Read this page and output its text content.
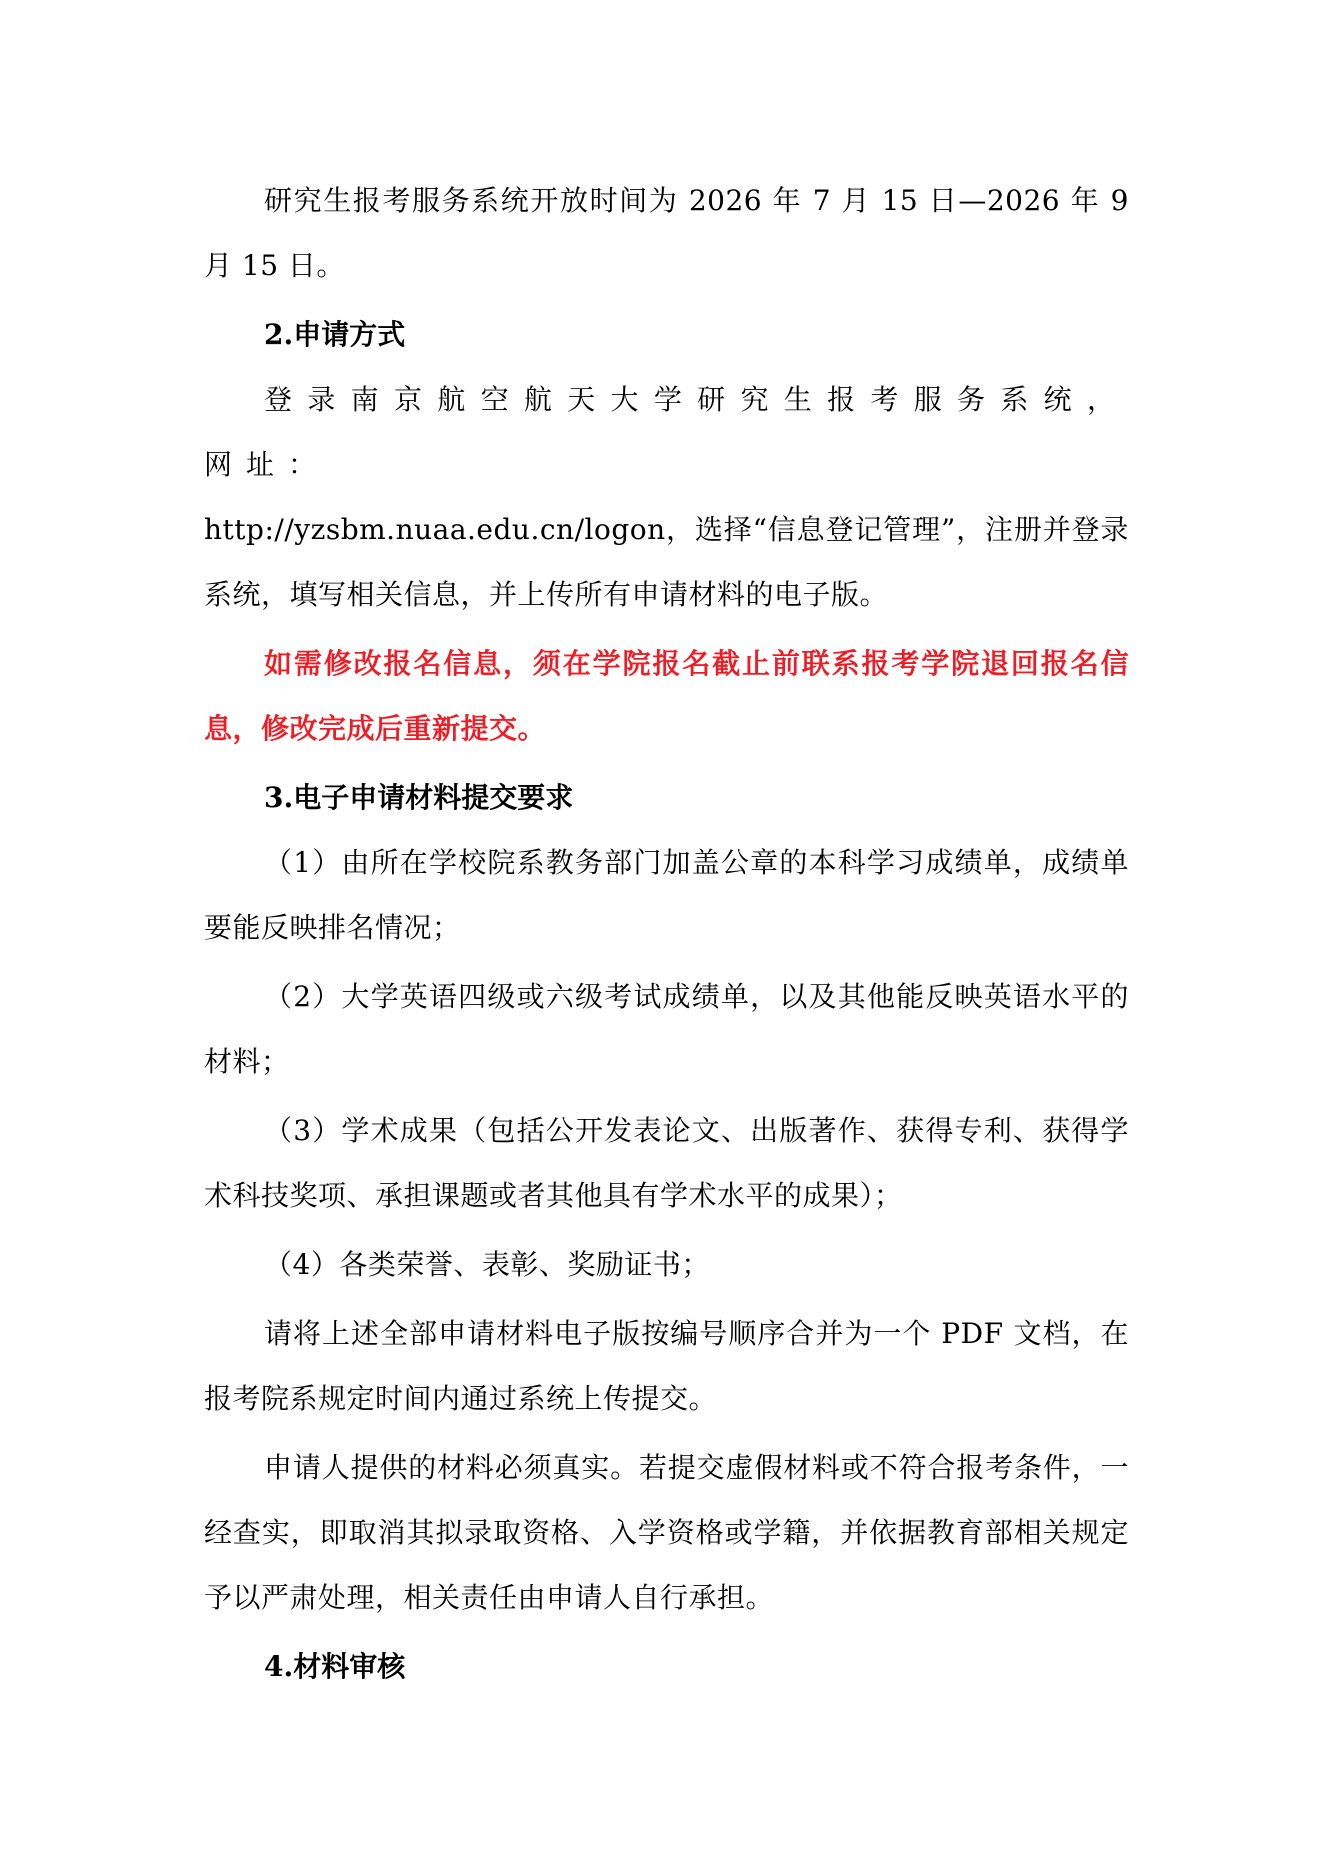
研究生报考服务系统开放时间为 2026 年 7 月 15 日—2026 年 9 月 15 日。

2.申请方式

登录南京航空航天大学研究生报考服务系统，网址：

http://yzsbm.nuaa.edu.cn/logon，选择“信息登记管理”，注册并登录系统，填写相关信息，并上传所有申请材料的电子版。

如需修改报名信息，须在学院报名截止前联系报考学院退回报名信息，修改完成后重新提交。

3.电子申请材料提交要求

（1）由所在学校院系教务部门加盖公章的本科学习成绩单，成绩单要能反映排名情况；

（2）大学英语四级或六级考试成绩单，以及其他能反映英语水平的材料；

（3）学术成果（包括公开发表论文、出版著作、获得专利、获得学术科技奖项、承担课题或者其他具有学术水平的成果）；

（4）各类荣誉、表彰、奖励证书；

请将上述全部申请材料电子版按编号顺序合并为一个 PDF 文档，在报考院系规定时间内通过系统上传提交。

申请人提供的材料必须真实。若提交虚假材料或不符合报考条件，一经查实，即取消其拟录取资格、入学资格或学籍，并依据教育部相关规定予以严肃处理，相关责任由申请人自行承担。

4.材料审核
